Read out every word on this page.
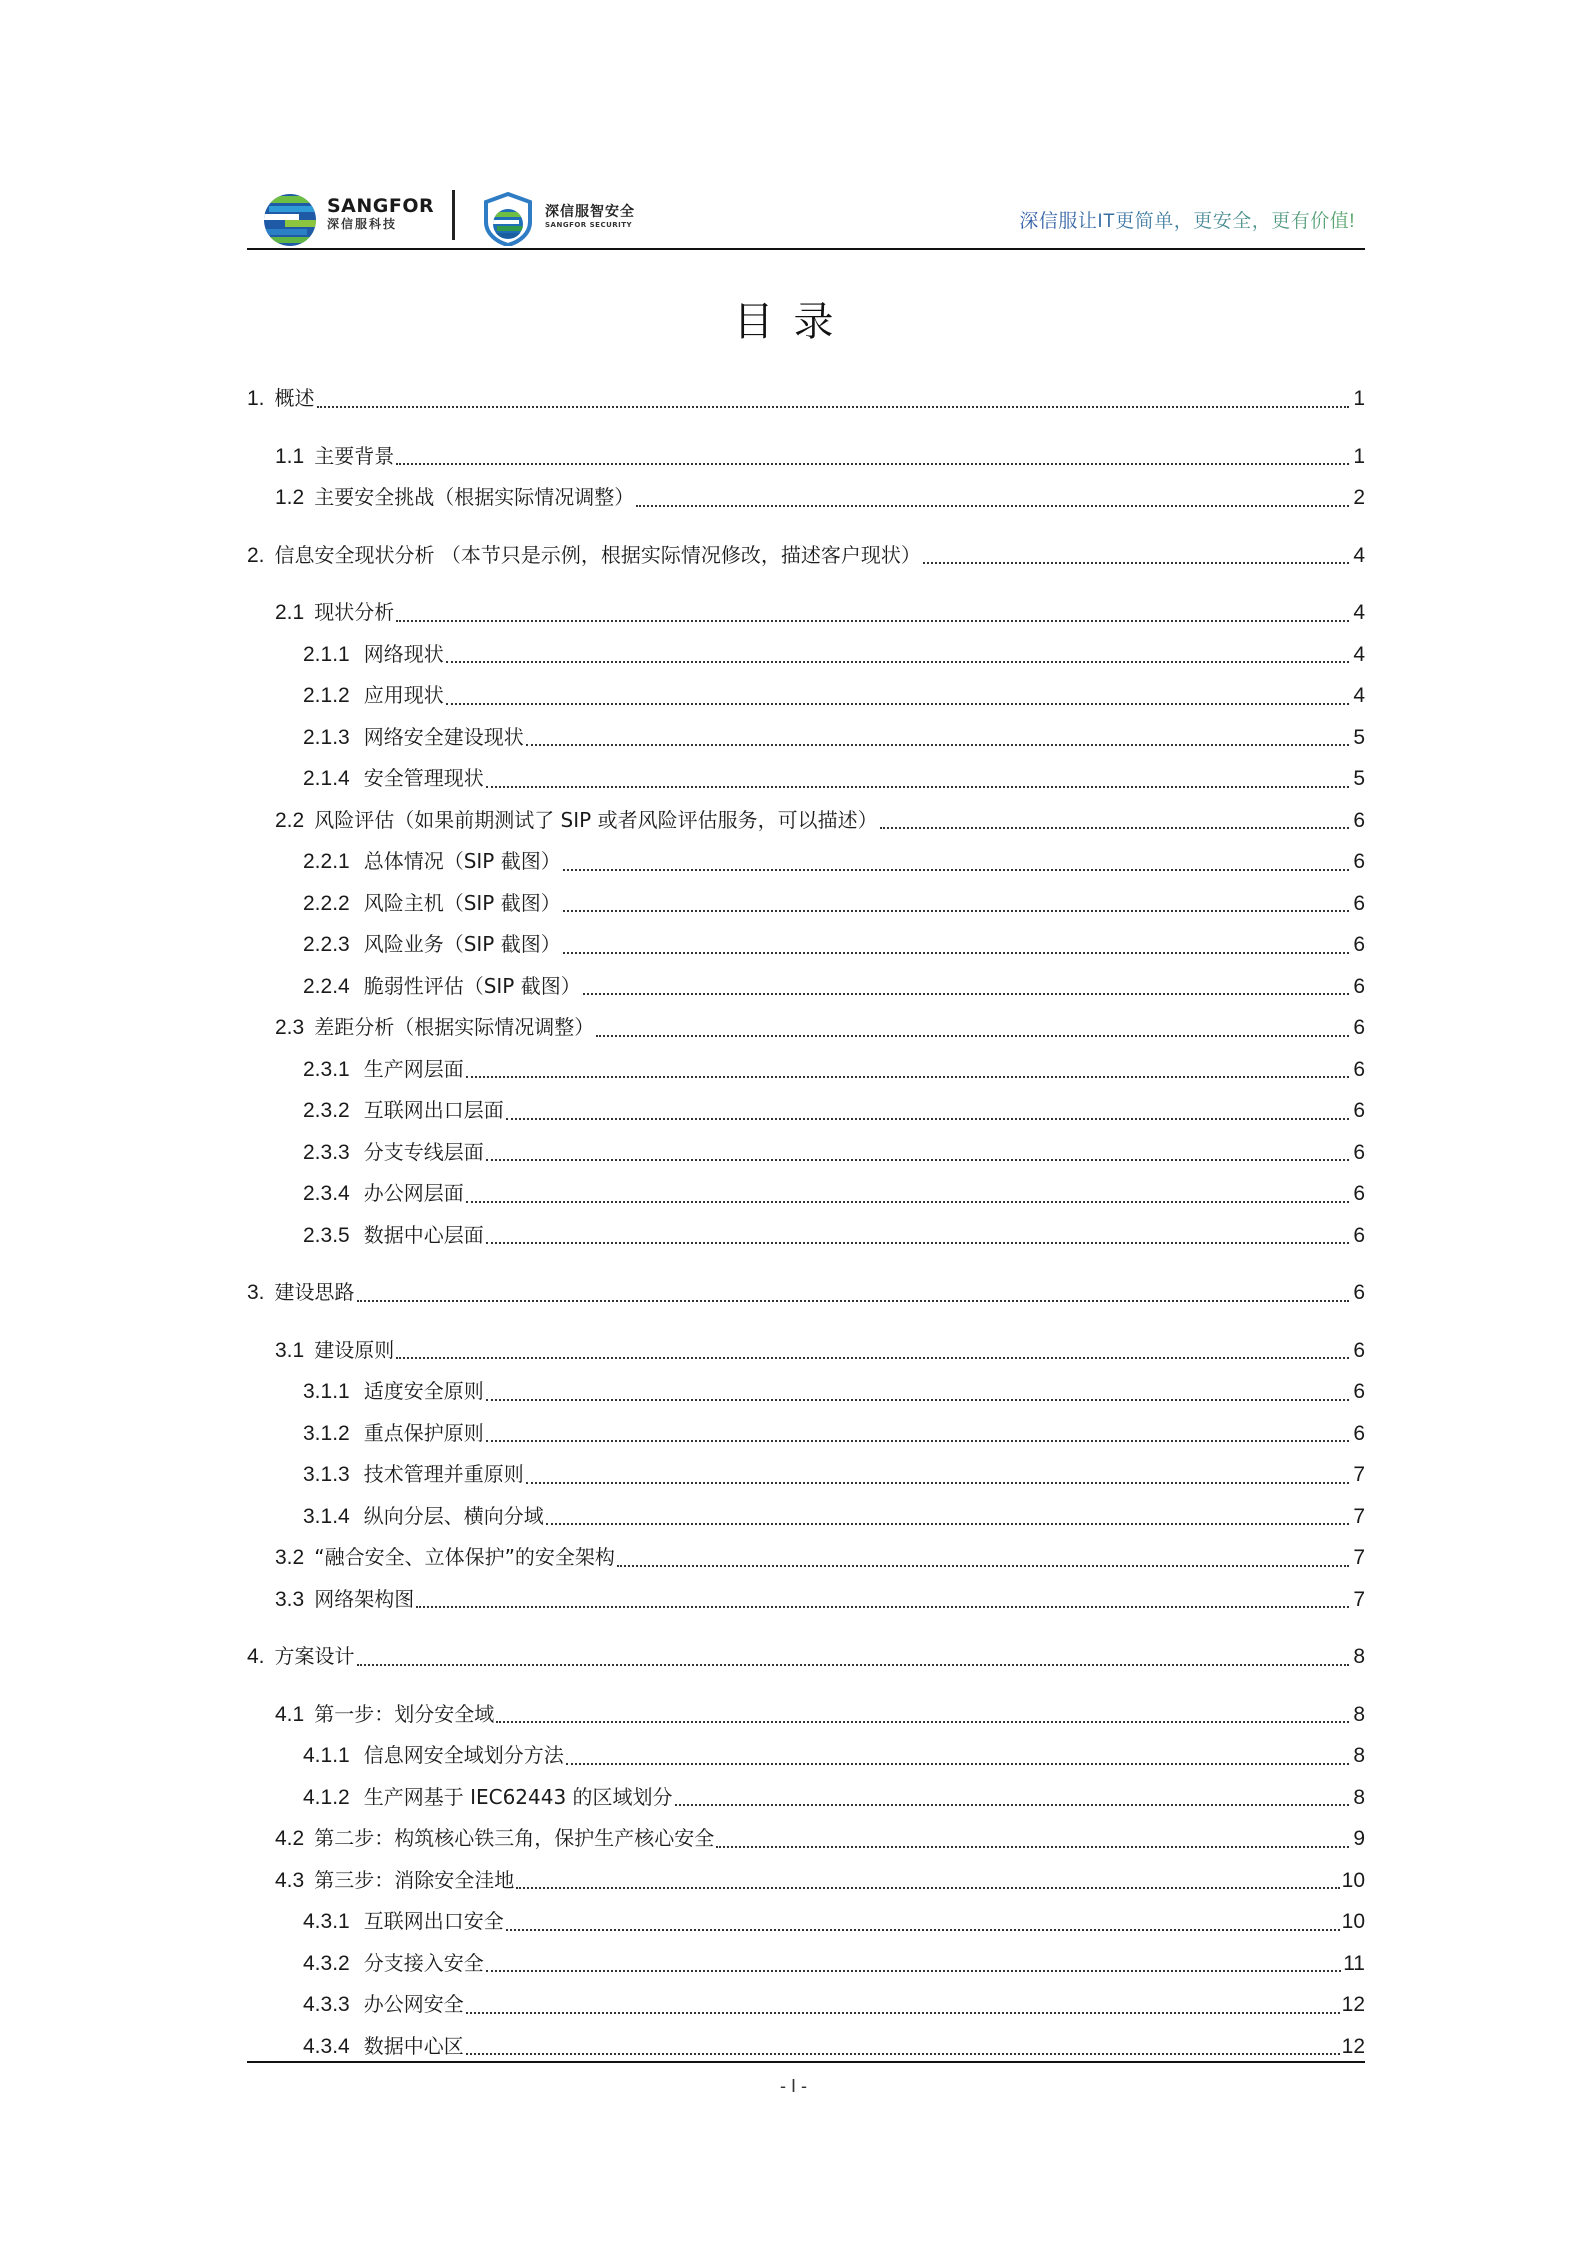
SANGFOR
深信服科技
深信服智安全
SANGFOR SECURITY	深信服让IT更简单，更安全，更有价值!
目录
1. 概述	1
1.1 主要背景	1
1.2 主要安全挑战（根据实际情况调整）	2
2. 信息安全现状分析 （本节只是示例，根据实际情况修改，描述客户现状）	4
2.1 现状分析	4
2.1.1 网络现状	4
2.1.2 应用现状	4
2.1.3 网络安全建设现状	5
2.1.4 安全管理现状	5
2.2 风险评估（如果前期测试了 SIP 或者风险评估服务，可以描述）	6
2.2.1 总体情况（SIP 截图）	6
2.2.2 风险主机（SIP 截图）	6
2.2.3 风险业务（SIP 截图）	6
2.2.4 脆弱性评估（SIP 截图）	6
2.3 差距分析（根据实际情况调整）	6
2.3.1 生产网层面	6
2.3.2 互联网出口层面	6
2.3.3 分支专线层面	6
2.3.4 办公网层面	6
2.3.5 数据中心层面	6
3. 建设思路	6
3.1 建设原则	6
3.1.1 适度安全原则	6
3.1.2 重点保护原则	6
3.1.3 技术管理并重原则	7
3.1.4 纵向分层、横向分域	7
3.2 “融合安全、立体保护”的安全架构	7
3.3 网络架构图	7
4. 方案设计	8
4.1 第一步：划分安全域	8
4.1.1 信息网安全域划分方法	8
4.1.2 生产网基于 IEC62443 的区域划分	8
4.2 第二步：构筑核心铁三角，保护生产核心安全	9
4.3 第三步：消除安全洼地	10
4.3.1 互联网出口安全	10
4.3.2 分支接入安全	11
4.3.3 办公网安全	12
4.3.4 数据中心区	12
- I -
